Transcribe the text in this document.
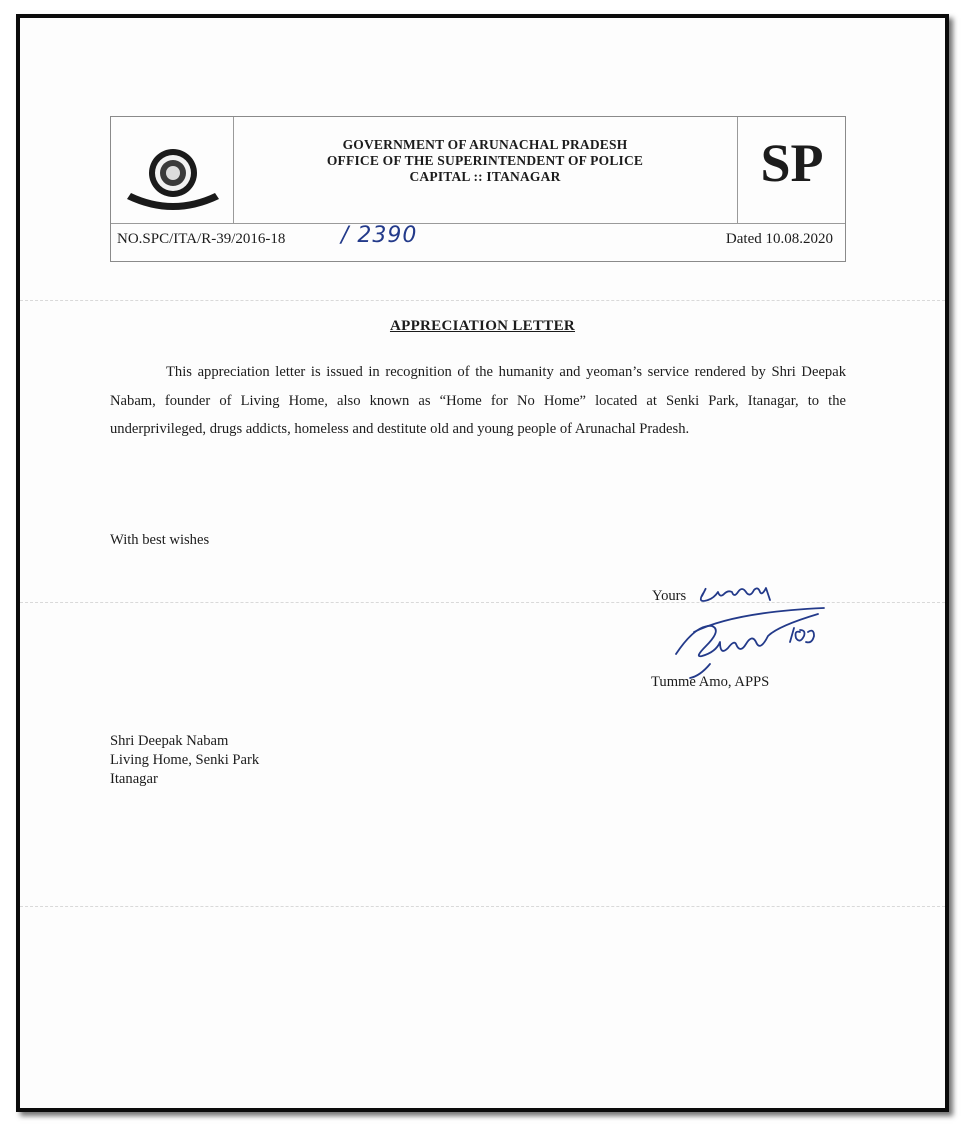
GOVERNMENT OF ARUNACHAL PRADESH
OFFICE OF THE SUPERINTENDENT OF POLICE
CAPITAL :: ITANAGAR	SP
NO.SPC/ITA/R-39/2016-18	/ 2390	Dated 10.08.2020
APPRECIATION LETTER
This appreciation letter is issued in recognition of the humanity and yeoman’s service rendered by Shri Deepak Nabam, founder of Living Home, also known as “Home for No Home” located at Senki Park, Itanagar, to the underprivileged, drugs addicts, homeless and destitute old and young people of Arunachal Pradesh.
With best wishes
Yours
Tumme Amo, APPS
Shri Deepak Nabam
Living Home, Senki Park
Itanagar
